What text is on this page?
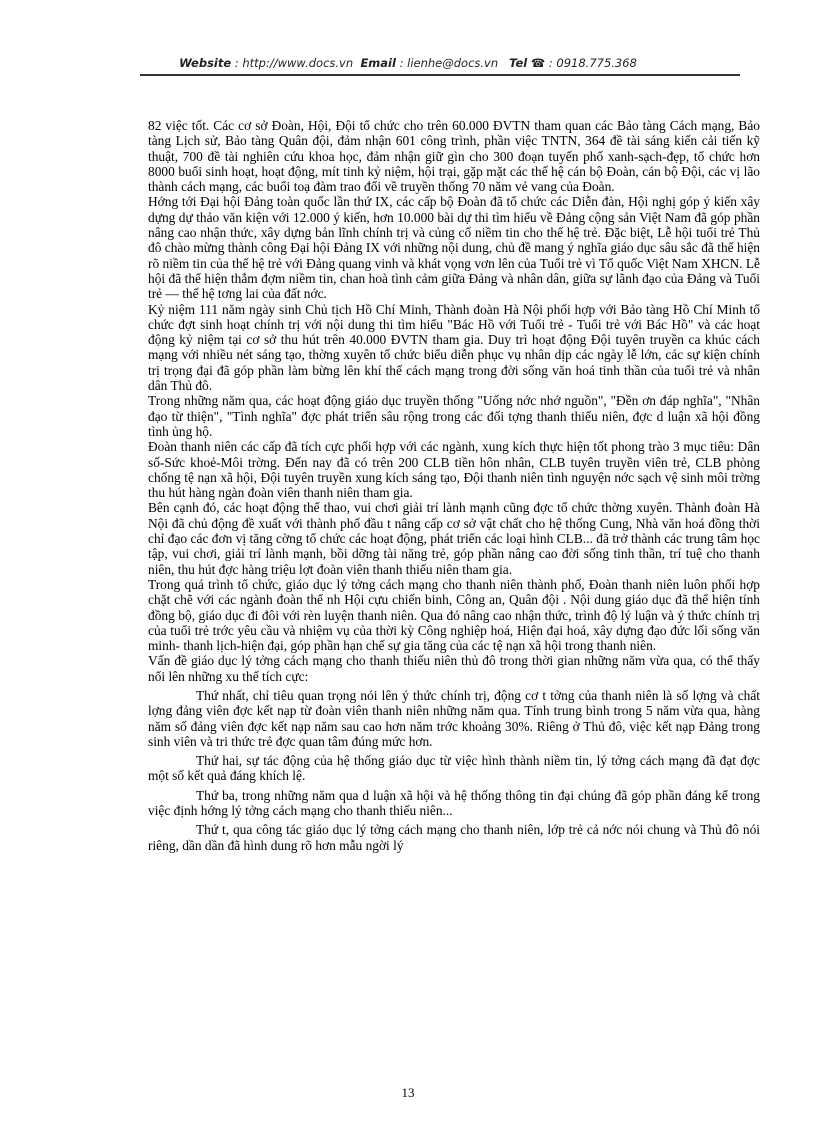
Website : http://www.docs.vn Email : lienhe@docs.vn Tel ☎ : 0918.775.368

82 việc tốt. Các cơ sở Đoàn, Hội, Đội tổ chức cho trên 60.000 ĐVTN tham quan các Bảo tàng Cách mạng, Bảo tàng Lịch sử, Bảo tàng Quân đội, đảm nhận 601 công trình, phần việc TNTN, 364 đề tài sáng kiến cải tiến kỹ thuật, 700 đề tài nghiên cứu khoa học, đảm nhận giữ gìn cho 300 đoạn tuyến phố xanh-sạch-đẹp, tổ chức hơn 8000 buổi sinh hoạt, hoạt động, mít tinh kỷ niệm, hội trại, gặp mặt các thế hệ cán bộ Đoàn, cán bộ Đội, các vị lão thành cách mạng, các buổi toạ đàm trao đổi về truyền thống 70 năm vẻ vang của Đoàn.

Hớng tới Đại hội Đảng toàn quốc lần thứ IX, các cấp bộ Đoàn đã tổ chức các Diễn đàn, Hội nghị góp ý kiến xây dựng dự thảo văn kiện với 12.000 ý kiến, hơn 10.000 bài dự thi tìm hiểu về Đảng cộng sản Việt Nam đã góp phần nâng cao nhận thức, xây dựng bản lĩnh chính trị và củng cố niềm tin cho thế hệ trẻ. Đặc biệt, Lễ hội tuổi trẻ Thủ đô chào mừng thành công Đại hội Đảng IX với những nội dung, chủ đề mang ý nghĩa giáo dục sâu sắc đã thể hiện rõ niềm tin của thế hệ trẻ với Đảng quang vinh và khát vọng vơn lên của Tuổi trẻ vì Tổ quốc Việt Nam XHCN. Lễ hội đã thể hiện thắm đợm niềm tin, chan hoà tình cảm giữa Đảng và nhân dân, giữa sự lãnh đạo của Đảng và Tuổi trẻ — thế hệ tơng lai của đất nớc.

Kỷ niệm 111 năm ngày sinh Chủ tịch Hồ Chí Minh, Thành đoàn Hà Nội phối hợp với Bảo tàng Hồ Chí Minh tổ chức đợt sinh hoạt chính trị với nội dung thi tìm hiểu "Bác Hồ với Tuổi trẻ - Tuổi trẻ với Bác Hồ" và các hoạt động kỷ niệm tại cơ sở thu hút trên 40.000 ĐVTN tham gia. Duy trì hoạt động Đội tuyên truyền ca khúc cách mạng với nhiều nét sáng tạo, thờng xuyên tổ chức biểu diễn phục vụ nhân dịp các ngày lễ lớn, các sự kiện chính trị trọng đại đã góp phần làm bừng lên khí thế cách mạng trong đời sống văn hoá tinh thần của tuổi trẻ và nhân dân Thủ đô.

Trong những năm qua, các hoạt động giáo dục truyền thống "Uống nớc nhớ nguồn", "Đền ơn đáp nghĩa", "Nhân đạo từ thiện", "Tình nghĩa" đợc phát triển sâu rộng trong các đối tợng thanh thiếu niên, đợc d luận xã hội đồng tình ủng hộ.

Đoàn thanh niên các cấp đã tích cực phối hợp với các ngành, xung kích thực hiện tốt phong trào 3 mục tiêu: Dân số-Sức khoẻ-Môi trờng. Đến nay đã có trên 200 CLB tiền hôn nhân, CLB tuyên truyền viên trẻ, CLB phòng chống tệ nạn xã hội, Đội tuyên truyền xung kích sáng tạo, Đội thanh niên tình nguyện nớc sạch vệ sinh môi trờng thu hút hàng ngàn đoàn viên thanh niên tham gia.

Bên cạnh đó, các hoạt động thể thao, vui chơi giải trí lành mạnh cũng đợc tổ chức thờng xuyên. Thành đoàn Hà Nội đã chủ động đề xuất với thành phố đầu t nâng cấp cơ sở vật chất cho hệ thống Cung, Nhà văn hoá đồng thời chỉ đạo các đơn vị tăng cờng tổ chức các hoạt động, phát triển các loại hình CLB... đã trở thành các trung tâm học tập, vui chơi, giải trí lành mạnh, bồi dỡng tài năng trẻ, góp phần nâng cao đời sống tinh thần, trí tuệ cho thanh niên, thu hút đợc hàng triệu lợt đoàn viên thanh thiếu niên tham gia.

Trong quá trình tổ chức, giáo dục lý tởng cách mạng cho thanh niên thành phố, Đoàn thanh niên luôn phối hợp chặt chẽ với các ngành đoàn thể nh Hội cựu chiến binh, Công an, Quân đội . Nội dung giáo dục đã thể hiện tính đồng bộ, giáo dục đi đôi với rèn luyện thanh niên. Qua đó nâng cao nhận thức, trình độ lý luận và ý thức chính trị của tuổi trẻ trớc yêu cầu và nhiệm vụ của thời kỳ Công nghiệp hoá, Hiện đại hoá, xây dựng đạo đức lối sống văn minh- thanh lịch-hiện đại, góp phần hạn chế sự gia tăng của các tệ nạn xã hội trong thanh niên.

Vấn đề giáo dục lý tởng cách mạng cho thanh thiếu niên thủ đô trong thời gian những năm vừa qua, có thể thấy nổi lên những xu thế tích cực:

Thứ nhất, chỉ tiêu quan trọng nói lên ý thức chính trị, động cơ t tởng của thanh niên là số lợng và chất lợng đảng viên đợc kết nạp từ đoàn viên thanh niên những năm qua. Tính trung bình trong 5 năm vừa qua, hàng năm số đảng viên đợc kết nạp năm sau cao hơn năm trớc khoảng 30%. Riêng ở Thủ đô, việc kết nạp Đảng trong sinh viên và tri thức trẻ đợc quan tâm đúng mức hơn.

Thứ hai, sự tác động của hệ thống giáo dục từ việc hình thành niềm tin, lý tởng cách mạng đã đạt đợc một số kết quả đáng khích lệ.

Thứ ba, trong những năm qua d luận xã hội và hệ thống thông tin đại chúng đã góp phần đáng kể trong việc định hớng lý tởng cách mạng cho thanh thiếu niên...

Thứ t, qua công tác giáo dục lý tởng cách mạng cho thanh niên, lớp trẻ cả nớc nói chung và Thủ đô nói riêng, dần dần đã hình dung rõ hơn mẫu ngời lý

13
